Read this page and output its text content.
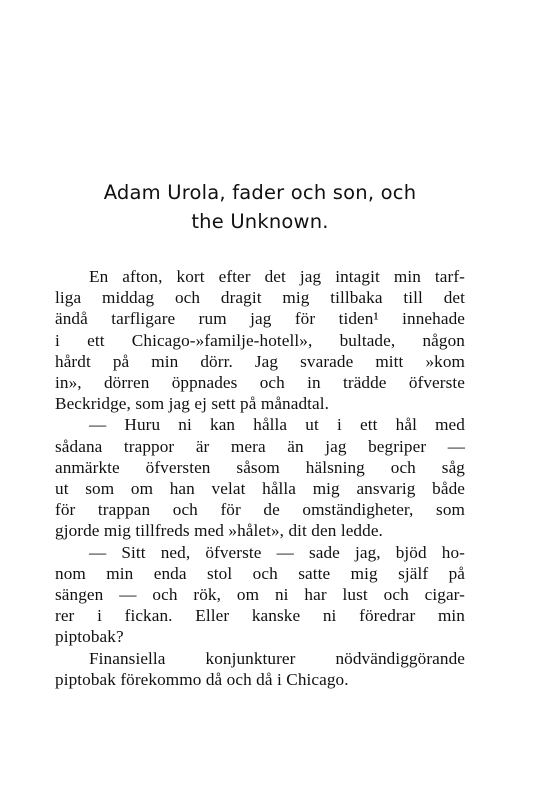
Adam Urola, fader och son, och
the Unknown.
En afton, kort efter det jag intagit min tarf-
liga middag och dragit mig tillbaka till det
ändå tarfligare rum jag för tiden¹ innehade
i ett Chicago-»familje-hotell», bultade, någon
hårdt på min dörr. Jag svarade mitt »kom
in», dörren öppnades och in trädde öfverste
Beckridge, som jag ej sett på månadtal.
— Huru ni kan hålla ut i ett hål med
sådana trappor är mera än jag begriper —
anmärkte öfversten såsom hälsning och såg
ut som om han velat hålla mig ansvarig både
för trappan och för de omständigheter, som
gjorde mig tillfreds med »hålet», dit den ledde.
— Sitt ned, öfverste — sade jag, bjöd ho-
nom min enda stol och satte mig själf på
sängen — och rök, om ni har lust och cigar-
rer i fickan. Eller kanske ni föredrar min
piptobak?
Finansiella konjunkturer nödvändiggörande
piptobak förekommo då och då i Chicago.
